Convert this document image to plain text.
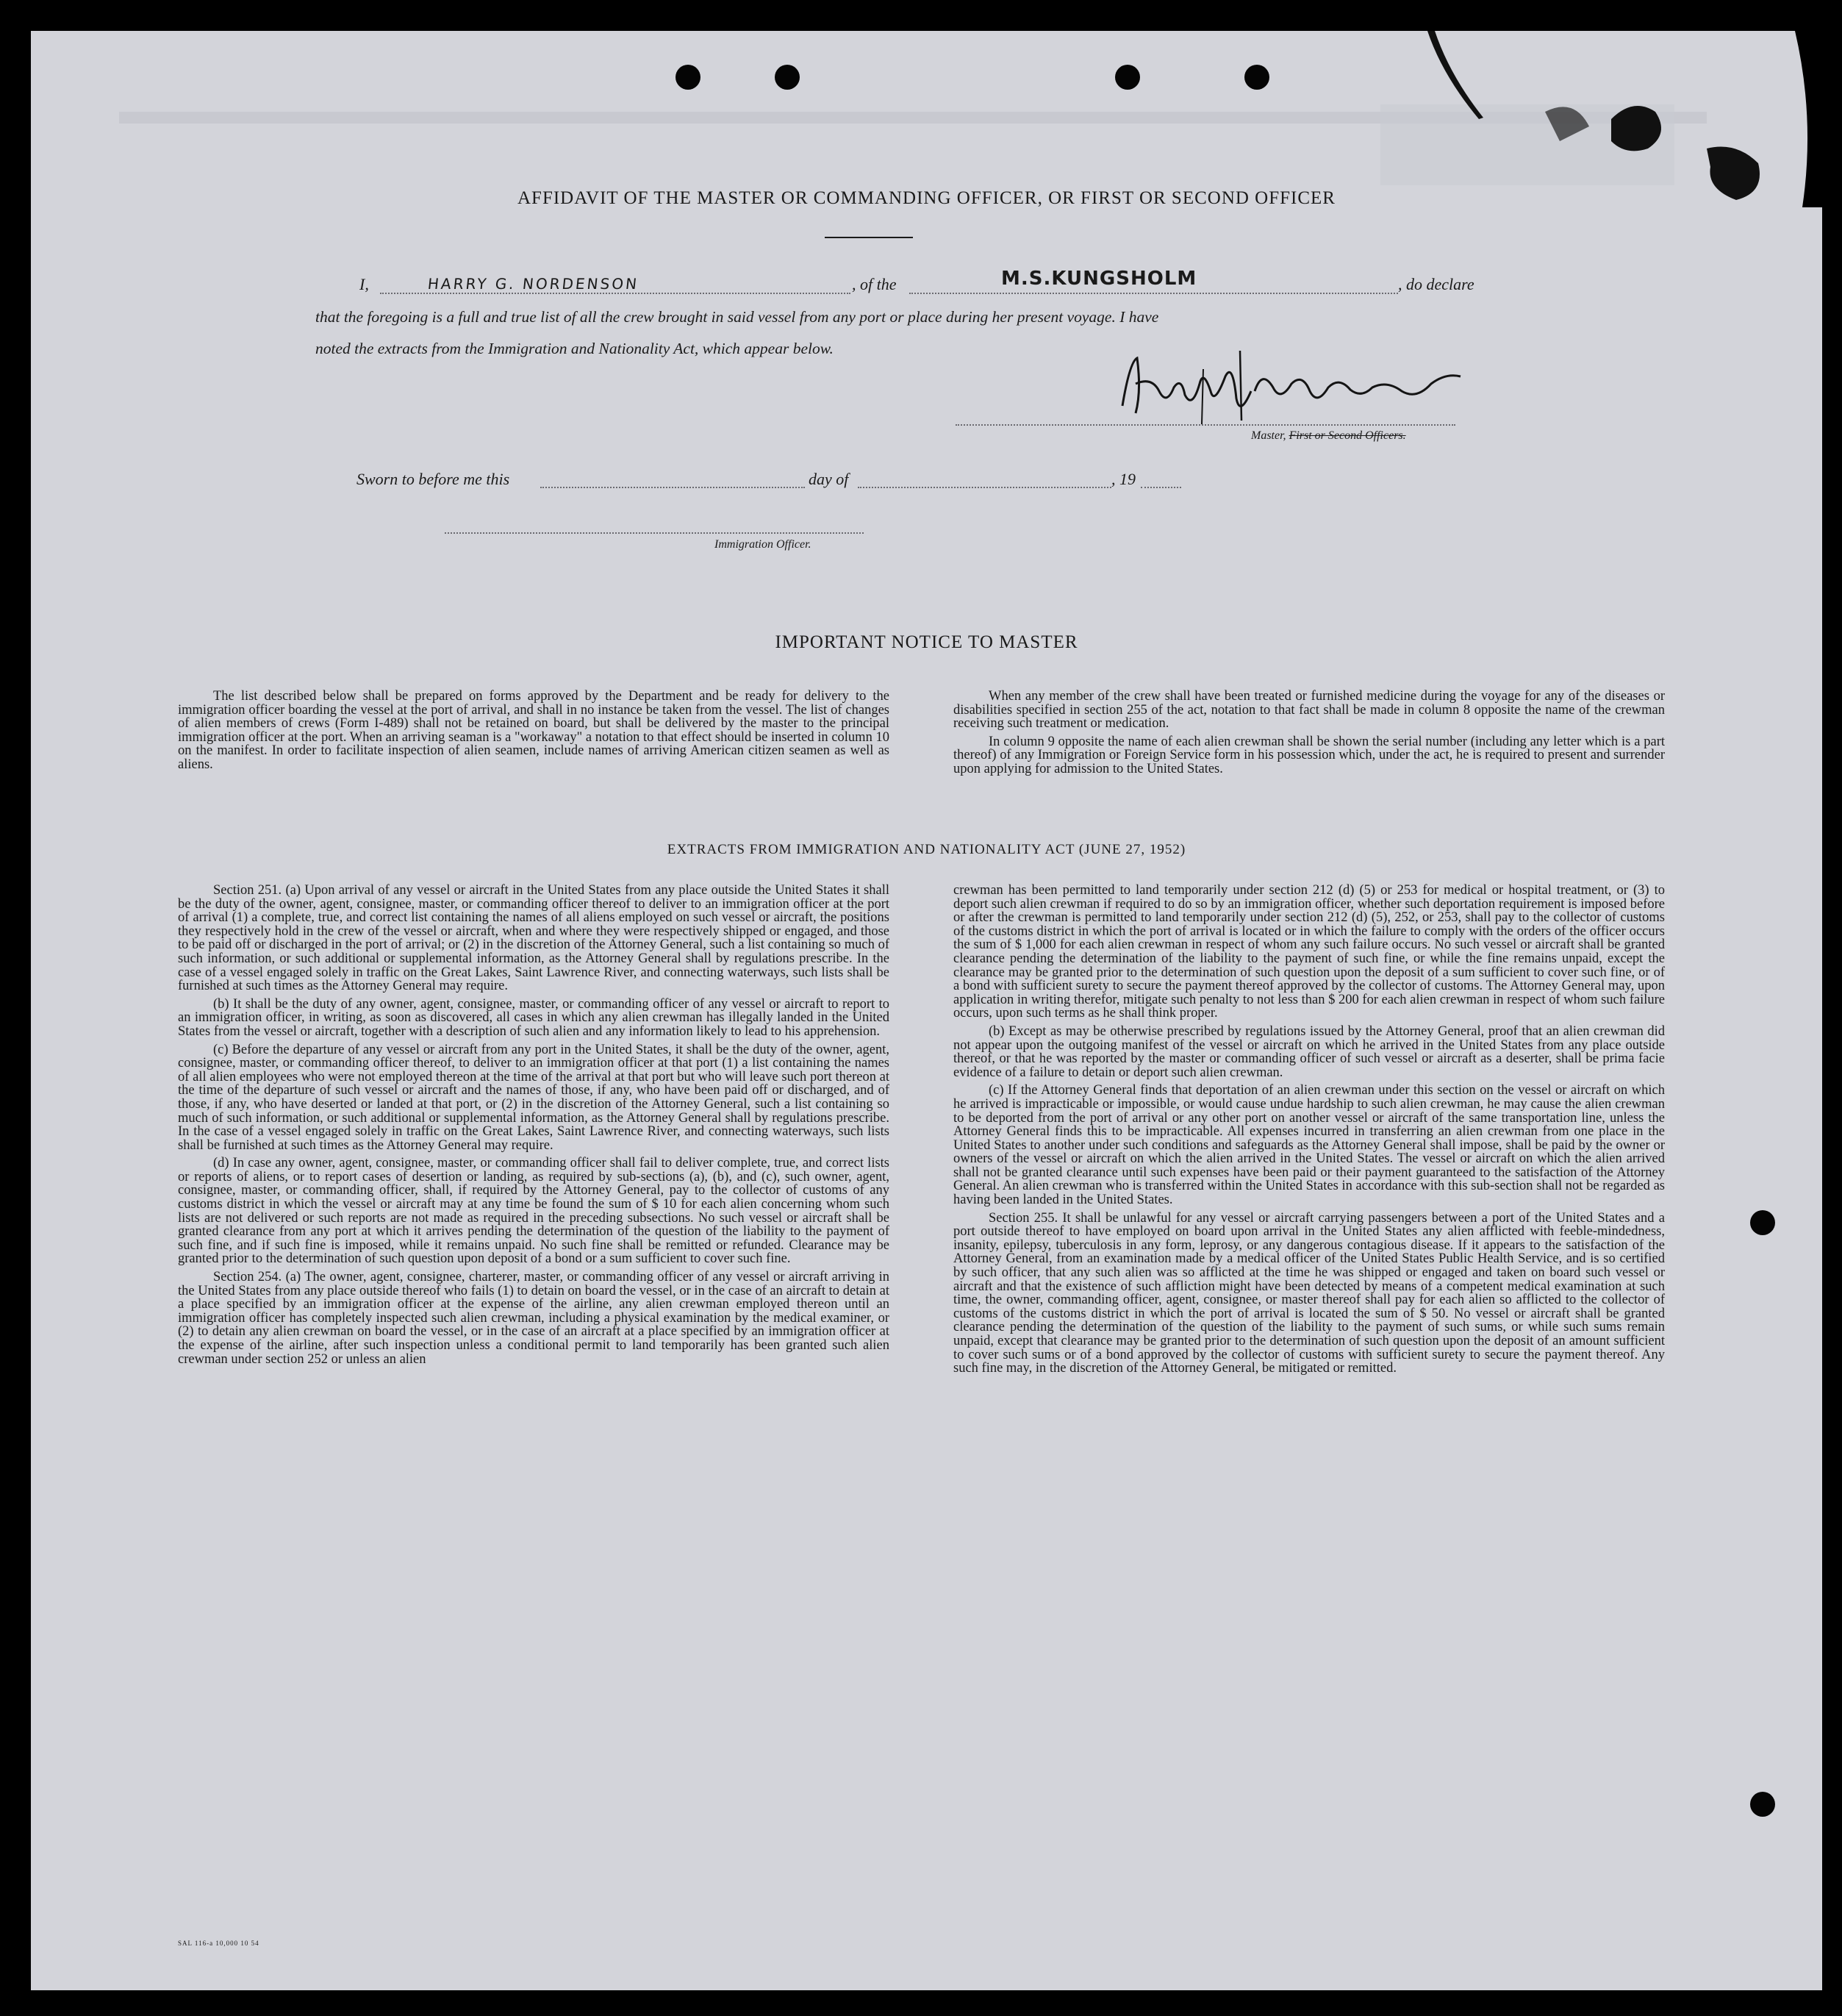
AFFIDAVIT OF THE MASTER OR COMMANDING OFFICER, OR FIRST OR SECOND OFFICER
I,	HARRY G. NORDENSON	, of the	M.S.KUNGSHOLM	, do declare
that the foregoing is a full and true list of all the crew brought in said vessel from any port or place during her present voyage. I have
noted the extracts from the Immigration and Nationality Act, which appear below.
Master, First or Second Officers.
Sworn to before me this	day of	, 19
Immigration Officer.
IMPORTANT NOTICE TO MASTER

The list described below shall be prepared on forms approved by the Department and be ready for delivery to the immigration officer boarding the vessel at the port of arrival, and shall in no instance be taken from the vessel. The list of changes of alien members of crews (Form I-489) shall not be retained on board, but shall be delivered by the master to the principal immigration officer at the port. When an arriving seaman is a "workaway" a notation to that effect should be inserted in column 10 on the manifest. In order to facilitate inspection of alien seamen, include names of arriving American citizen seamen as well as aliens.

When any member of the crew shall have been treated or furnished medicine during the voyage for any of the diseases or disabilities specified in section 255 of the act, notation to that fact shall be made in column 8 opposite the name of the crewman receiving such treatment or medication.

In column 9 opposite the name of each alien crewman shall be shown the serial number (including any letter which is a part thereof) of any Immigration or Foreign Service form in his possession which, under the act, he is required to present and surrender upon applying for admission to the United States.

EXTRACTS FROM IMMIGRATION AND NATIONALITY ACT (JUNE 27, 1952)

Section 251. (a) Upon arrival of any vessel or aircraft in the United States from any place outside the United States it shall be the duty of the owner, agent, consignee, master, or commanding officer thereof to deliver to an immigration officer at the port of arrival (1) a complete, true, and correct list containing the names of all aliens employed on such vessel or aircraft, the positions they respectively hold in the crew of the vessel or aircraft, when and where they were respectively shipped or engaged, and those to be paid off or discharged in the port of arrival; or (2) in the discretion of the Attorney General, such a list containing so much of such information, or such additional or supplemental information, as the Attorney General shall by regulations prescribe. In the case of a vessel engaged solely in traffic on the Great Lakes, Saint Lawrence River, and connecting waterways, such lists shall be furnished at such times as the Attorney General may require.

(b) It shall be the duty of any owner, agent, consignee, master, or commanding officer of any vessel or aircraft to report to an immigration officer, in writing, as soon as discovered, all cases in which any alien crewman has illegally landed in the United States from the vessel or aircraft, together with a description of such alien and any information likely to lead to his apprehension.

(c) Before the departure of any vessel or aircraft from any port in the United States, it shall be the duty of the owner, agent, consignee, master, or commanding officer thereof, to deliver to an immigration officer at that port (1) a list containing the names of all alien employees who were not employed thereon at the time of the arrival at that port but who will leave such port thereon at the time of the departure of such vessel or aircraft and the names of those, if any, who have been paid off or discharged, and of those, if any, who have deserted or landed at that port, or (2) in the discretion of the Attorney General, such a list containing so much of such information, or such additional or supplemental information, as the Attorney General shall by regulations prescribe. In the case of a vessel engaged solely in traffic on the Great Lakes, Saint Lawrence River, and connecting waterways, such lists shall be furnished at such times as the Attorney General may require.

(d) In case any owner, agent, consignee, master, or commanding officer shall fail to deliver complete, true, and correct lists or reports of aliens, or to report cases of desertion or landing, as required by sub-sections (a), (b), and (c), such owner, agent, consignee, master, or commanding officer, shall, if required by the Attorney General, pay to the collector of customs of any customs district in which the vessel or aircraft may at any time be found the sum of $ 10 for each alien concerning whom such lists are not delivered or such reports are not made as required in the preceding subsections. No such vessel or aircraft shall be granted clearance from any port at which it arrives pending the determination of the question of the liability to the payment of such fine, and if such fine is imposed, while it remains unpaid. No such fine shall be remitted or refunded. Clearance may be granted prior to the determination of such question upon deposit of a bond or a sum sufficient to cover such fine.

Section 254. (a) The owner, agent, consignee, charterer, master, or commanding officer of any vessel or aircraft arriving in the United States from any place outside thereof who fails (1) to detain on board the vessel, or in the case of an aircraft to detain at a place specified by an immigration officer at the expense of the airline, any alien crewman employed thereon until an immigration officer has completely inspected such alien crewman, including a physical examination by the medical examiner, or (2) to detain any alien crewman on board the vessel, or in the case of an aircraft at a place specified by an immigration officer at the expense of the airline, after such inspection unless a conditional permit to land temporarily has been granted such alien crewman under section 252 or unless an alien

crewman has been permitted to land temporarily under section 212 (d) (5) or 253 for medical or hospital treatment, or (3) to deport such alien crewman if required to do so by an immigration officer, whether such deportation requirement is imposed before or after the crewman is permitted to land temporarily under section 212 (d) (5), 252, or 253, shall pay to the collector of customs of the customs district in which the port of arrival is located or in which the failure to comply with the orders of the officer occurs the sum of $ 1,000 for each alien crewman in respect of whom any such failure occurs. No such vessel or aircraft shall be granted clearance pending the determination of the liability to the payment of such fine, or while the fine remains unpaid, except the clearance may be granted prior to the determination of such question upon the deposit of a sum sufficient to cover such fine, or of a bond with sufficient surety to secure the payment thereof approved by the collector of customs. The Attorney General may, upon application in writing therefor, mitigate such penalty to not less than $ 200 for each alien crewman in respect of whom such failure occurs, upon such terms as he shall think proper.

(b) Except as may be otherwise prescribed by regulations issued by the Attorney General, proof that an alien crewman did not appear upon the outgoing manifest of the vessel or aircraft on which he arrived in the United States from any place outside thereof, or that he was reported by the master or commanding officer of such vessel or aircraft as a deserter, shall be prima facie evidence of a failure to detain or deport such alien crewman.

(c) If the Attorney General finds that deportation of an alien crewman under this section on the vessel or aircraft on which he arrived is impracticable or impossible, or would cause undue hardship to such alien crewman, he may cause the alien crewman to be deported from the port of arrival or any other port on another vessel or aircraft of the same transportation line, unless the Attorney General finds this to be impracticable. All expenses incurred in transferring an alien crewman from one place in the United States to another under such conditions and safeguards as the Attorney General shall impose, shall be paid by the owner or owners of the vessel or aircraft on which the alien arrived in the United States. The vessel or aircraft on which the alien arrived shall not be granted clearance until such expenses have been paid or their payment guaranteed to the satisfaction of the Attorney General. An alien crewman who is transferred within the United States in accordance with this sub-section shall not be regarded as having been landed in the United States.

Section 255. It shall be unlawful for any vessel or aircraft carrying passengers between a port of the United States and a port outside thereof to have employed on board upon arrival in the United States any alien afflicted with feeble-mindedness, insanity, epilepsy, tuberculosis in any form, leprosy, or any dangerous contagious disease. If it appears to the satisfaction of the Attorney General, from an examination made by a medical officer of the United States Public Health Service, and is so certified by such officer, that any such alien was so afflicted at the time he was shipped or engaged and taken on board such vessel or aircraft and that the existence of such affliction might have been detected by means of a competent medical examination at such time, the owner, commanding officer, agent, consignee, or master thereof shall pay for each alien so afflicted to the collector of customs of the customs district in which the port of arrival is located the sum of $ 50. No vessel or aircraft shall be granted clearance pending the determination of the question of the liability to the payment of such sums, or while such sums remain unpaid, except that clearance may be granted prior to the determination of such question upon the deposit of an amount sufficient to cover such sums or of a bond approved by the collector of customs with sufficient surety to secure the payment thereof. Any such fine may, in the discretion of the Attorney General, be mitigated or remitted.

SAL 116-a 10,000 10 54
